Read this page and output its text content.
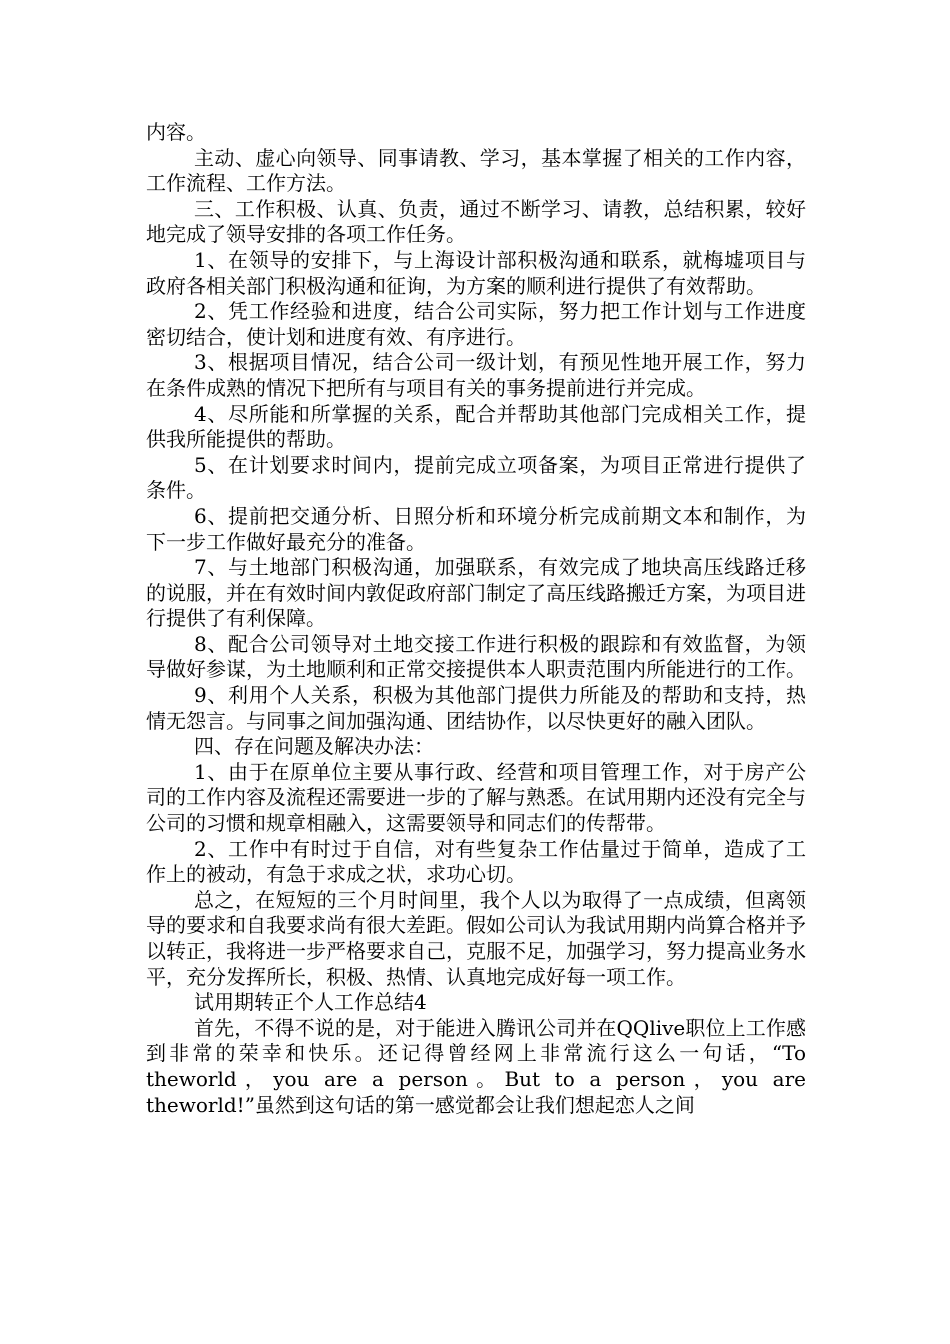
内容。

主动、虚心向领导、同事请教、学习，基本掌握了相关的工作内容，工作流程、工作方法。

三、工作积极、认真、负责，通过不断学习、请教，总结积累，较好地完成了领导安排的各项工作任务。

1、在领导的安排下，与上海设计部积极沟通和联系，就梅墟项目与政府各相关部门积极沟通和征询，为方案的顺利进行提供了有效帮助。

2、凭工作经验和进度，结合公司实际，努力把工作计划与工作进度密切结合，使计划和进度有效、有序进行。

3、根据项目情况，结合公司一级计划，有预见性地开展工作，努力在条件成熟的情况下把所有与项目有关的事务提前进行并完成。

4、尽所能和所掌握的关系，配合并帮助其他部门完成相关工作，提供我所能提供的帮助。

5、在计划要求时间内，提前完成立项备案，为项目正常进行提供了条件。

6、提前把交通分析、日照分析和环境分析完成前期文本和制作，为下一步工作做好最充分的准备。

7、与土地部门积极沟通，加强联系，有效完成了地块高压线路迁移的说服，并在有效时间内敦促政府部门制定了高压线路搬迁方案，为项目进行提供了有利保障。

8、配合公司领导对土地交接工作进行积极的跟踪和有效监督，为领导做好参谋，为土地顺利和正常交接提供本人职责范围内所能进行的工作。

9、利用个人关系，积极为其他部门提供力所能及的帮助和支持，热情无怨言。与同事之间加强沟通、团结协作，以尽快更好的融入团队。

四、存在问题及解决办法：

1、由于在原单位主要从事行政、经营和项目管理工作，对于房产公司的工作内容及流程还需要进一步的了解与熟悉。在试用期内还没有完全与公司的习惯和规章相融入，这需要领导和同志们的传帮带。

2、工作中有时过于自信，对有些复杂工作估量过于简单，造成了工作上的被动，有急于求成之状，求功心切。

总之，在短短的三个月时间里，我个人以为取得了一点成绩，但离领导的要求和自我要求尚有很大差距。假如公司认为我试用期内尚算合格并予以转正，我将进一步严格要求自己，克服不足，加强学习，努力提高业务水平，充分发挥所长，积极、热情、认真地完成好每一项工作。

试用期转正个人工作总结4

首先，不得不说的是，对于能进入腾讯公司并在QQlive职位上工作感到非常的荣幸和快乐。还记得曾经网上非常流行这么一句话，“To theworld，you are a person。But to a person，you are theworld!”虽然到这句话的第一感觉都会让我们想起恋人之间
